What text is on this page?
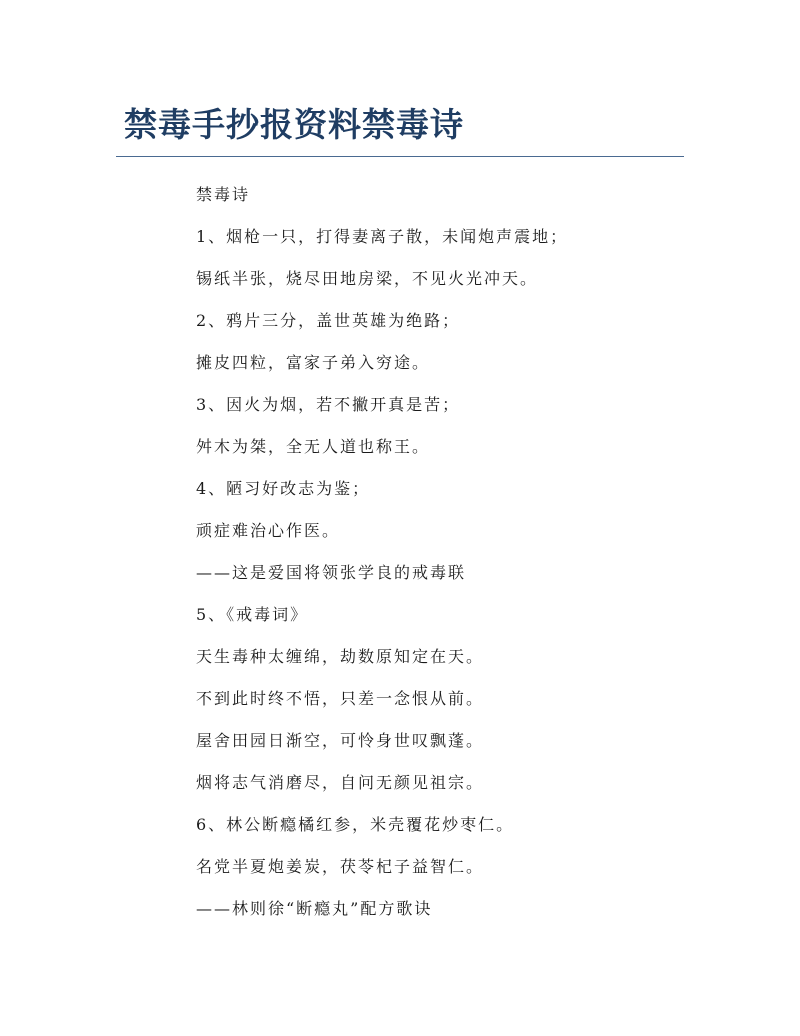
禁毒手抄报资料禁毒诗
禁毒诗
1、烟枪一只，打得妻离子散，未闻炮声震地；
锡纸半张，烧尽田地房梁，不见火光冲天。
2、鸦片三分，盖世英雄为绝路；
摊皮四粒，富家子弟入穷途。
3、因火为烟，若不撇开真是苦；
舛木为桀，全无人道也称王。
4、陋习好改志为鉴；
顽症难治心作医。
——这是爱国将领张学良的戒毒联
5、《戒毒词》
天生毒种太缠绵，劫数原知定在天。
不到此时终不悟，只差一念恨从前。
屋舍田园日渐空，可怜身世叹飘蓬。
烟将志气消磨尽，自问无颜见祖宗。
6、林公断瘾橘红参，米壳覆花炒枣仁。
名党半夏炮姜炭，茯苓杞子益智仁。
——林则徐“断瘾丸”配方歌诀
